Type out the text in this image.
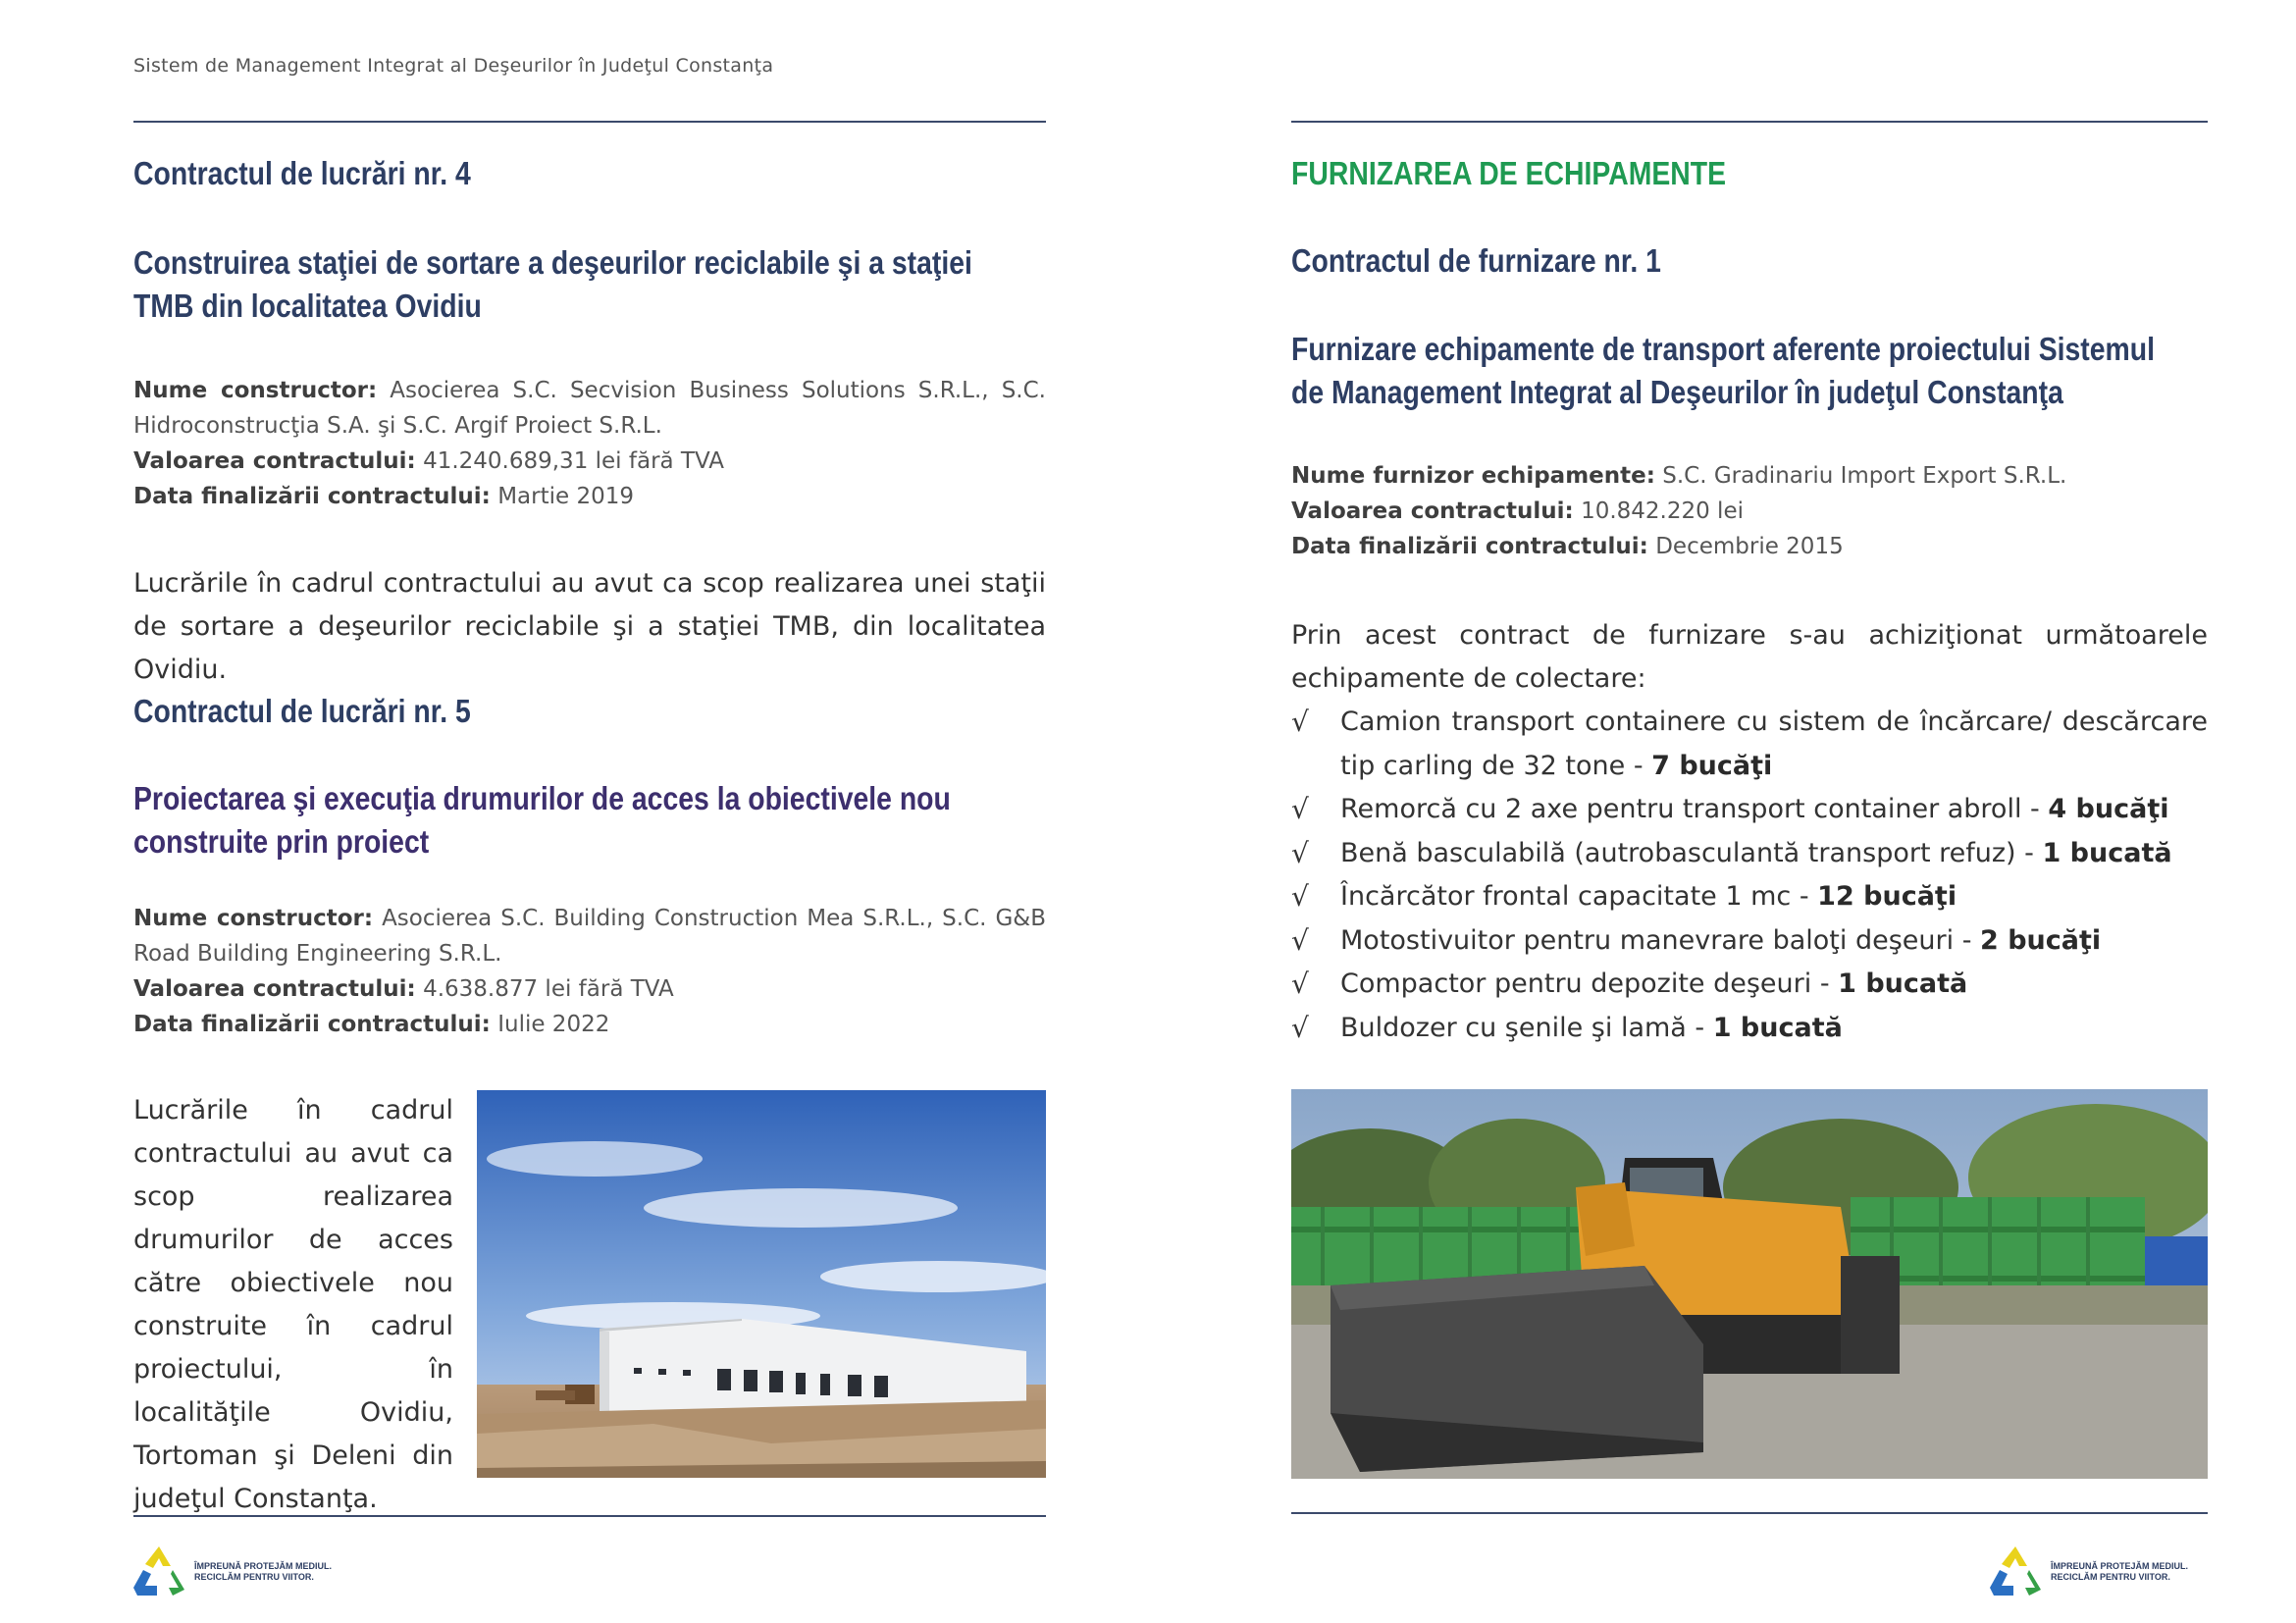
Sistem de Management Integrat al Deşeurilor în Judeţul Constanţa
Contractul de lucrări nr. 4
Construirea staţiei de sortare a deşeurilor reciclabile şi a staţiei
TMB din localitatea Ovidiu

Nume constructor: Asocierea S.C. Secvision Business Solutions S.R.L., S.C. Hidroconstrucţia S.A. şi S.C. Argif Proiect S.R.L.

Valoarea contractului: 41.240.689,31 lei fără TVA

Data finalizării contractului: Martie 2019

Lucrările în cadrul contractului au avut ca scop realizarea unei staţii de sortare a deşeurilor reciclabile şi a staţiei TMB, din localitatea Ovidiu.

Contractul de lucrări nr. 5
Proiectarea şi execuţia drumurilor de acces la obiectivele nou
construite prin proiect

Nume constructor: Asocierea S.C. Building Construction Mea S.R.L., S.C. G&B Road Building Engineering S.R.L.

Valoarea contractului: 4.638.877 lei fără TVA

Data finalizării contractului: Iulie 2022

Lucrările în cadrul contractului au avut ca scop realizarea drumurilor de acces către obiectivele nou construite în cadrul proiectului, în localităţile Ovidiu, Tortoman şi Deleni din judeţul Constanţa.

ÎMPREUNĂ PROTEJĂM MEDIUL.
RECICLĂM PENTRU VIITOR.
FURNIZAREA DE ECHIPAMENTE
Contractul de furnizare nr. 1
Furnizare echipamente de transport aferente proiectului Sistemul
de Management Integrat al Deşeurilor în judeţul Constanţa

Nume furnizor echipamente: S.C. Gradinariu Import Export S.R.L.

Valoarea contractului: 10.842.220 lei

Data finalizării contractului: Decembrie 2015

Prin acest contract de furnizare s-au achiziţionat următoarele echipamente de colectare:

√ Camion transport containere cu sistem de încărcare/ descărcare tip carling de 32 tone - 7 bucăţi
√ Remorcă cu 2 axe pentru transport container abroll - 4 bucăţi
√ Benă basculabilă (autrobasculantă transport refuz) - 1 bucată
√ Încărcător frontal capacitate 1 mc - 12 bucăţi
√ Motostivuitor pentru manevrare baloţi deşeuri - 2 bucăţi
√ Compactor pentru depozite deşeuri - 1 bucată
√ Buldozer cu şenile şi lamă - 1 bucată
ÎMPREUNĂ PROTEJĂM MEDIUL.
RECICLĂM PENTRU VIITOR.
